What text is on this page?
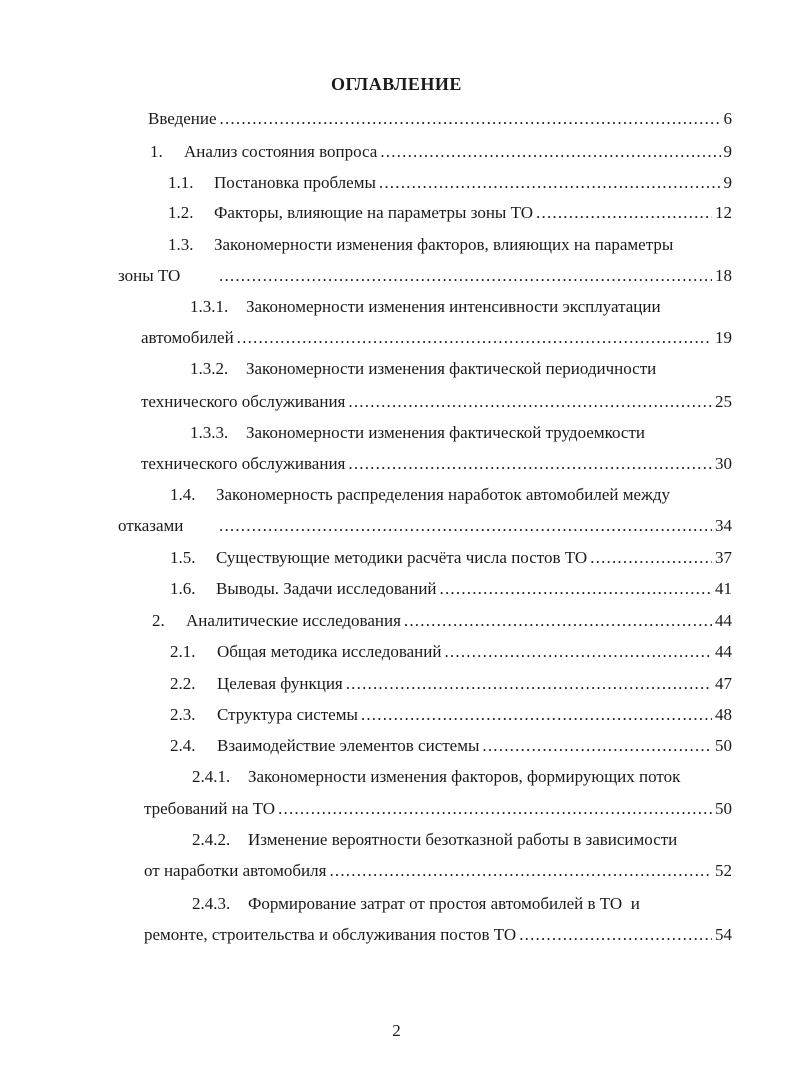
ОГЛАВЛЕНИЕ
Введение .....	6
1.	Анализ состояния вопроса .....	9
1.1.	Постановка проблемы .....	9
1.2.	Факторы, влияющие на параметры зоны ТО .....	12
1.3. Закономерности изменения факторов, влияющих на параметры
зоны ТО .....	18
1.3.1. Закономерности изменения интенсивности эксплуатации
автомобилей .....	19
1.3.2. Закономерности изменения фактической периодичности
технического обслуживания .....	25
1.3.3. Закономерности изменения фактической трудоемкости
технического обслуживания .....	30
1.4. Закономерность распределения наработок автомобилей между
отказами .....	34
1.5.	Существующие методики расчёта числа постов ТО .....	37
1.6.	Выводы. Задачи исследований .....	41
2.	Аналитические исследования .....	44
2.1.	Общая методика исследований .....	44
2.2.	Целевая функция .....	47
2.3.	Структура системы .....	48
2.4.	Взаимодействие элементов системы .....	50
2.4.1. Закономерности изменения факторов, формирующих поток
требований на ТО .....	50
2.4.2. Изменение вероятности безотказной работы в зависимости
от наработки автомобиля .....	52
2.4.3. Формирование затрат от простоя автомобилей в ТО  и
ремонте, строительства и обслуживания постов ТО .....	54
2
